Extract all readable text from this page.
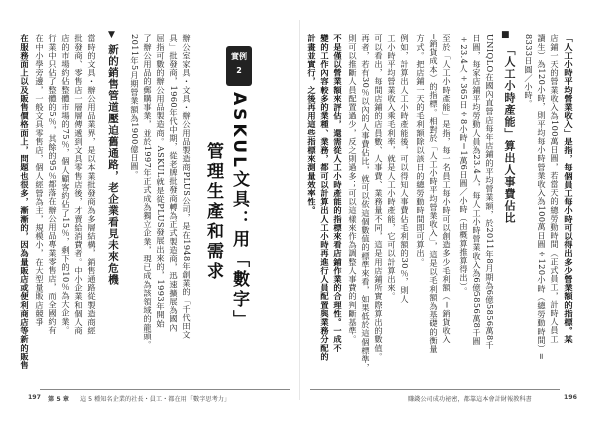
「人工小時平均營業收入」是指，每個員工每小時可以得出多少營業額的指標。某
店鋪一天的營業收入為100萬日圓，若當天的總勞動時間（正式員工，計時人員工
讀生）為120小時，則平均每小時營業收入為100萬日圓÷120小時（總勞動時間）=
8333日圓／小時。
■
「人工小時產能」算出人事費佔比
UNIQLO在國內直營店每年店鋪的平均營業額，於2011年8月期為6億5856萬8千
日圓，每家店鋪平均勞動人員為23.4人，每人工小時營業收入為6億5856萬8千圓
÷23.4人÷365日÷8小時＝1萬6日圓／小時（由概算推算得出）。
至於「人工小時產能」是指，每一名員工每小時可以創造多少毛利額（＝銷貨收入
─銷貨成本）的指標。相對於「人工小時平均營業收入」，這是以毛利額為基礎的衡量
方式。把店鋪一天的毛利額除以該日的總勞動時間即可算出。
例如，計算出人工小時產能後，可以得知人事費佔毛利額的30％，則人
工小時平均營業收入乘毛利率，就是人工小時產能，它可以計算出來。
可以看出，每間店鋪的店員數、人事費、業務量不同，這是用店鋪所實際算出的數值。
再者，若有30％以內的人事費佔比，就可以依這個數值的標準來看，如果低於這個標準，
則可以推斷人員配置過少，反之則過多；可以這樣來作為調整人事費的判斷基準。
不是僅以營業額來評估，還需從人工小時產能的指標來看店鋪作業的合理性。一成不
變的工作內容較多的業種、業務，都可以計算出人工小時再進行人員配置與業務分配的
計畫並實行，之後再用這些指標來測量效率性。
賺錢公司成功祕密，都靠這本會計財報教科書	196
實例
2
ASKUL文具：用「數字」
管理生產和需求
辦公室家具・文具・辦公用品製造商PLUS公司，是在1948年創業的「千代田文
具」批發商，1960年代中期，從老牌批發商轉為正式製造商，迅速擴展為國內
屈指可數的辦公用品製造商。ASKUL就是從PLUS發展出來的，1993年開始
了辦公用品的郵購事業，並於1997年正式成為獨立企業，現已成為該領域的龍頭。
2011年5月期營業額為1900億日圓。
▼
新的銷售管道壓迫舊通路，老企業看見未來危機
當時的文具・辦公用品業界，是以本業批發商為多層結構，銷售通路從製造商經
批發商、零售店一層層傳遞到文具零售店後，才賣給消費者。中小企業和個人商
店的市場約佔整體市場的75％，個人顧客約佔了15％，剩下的10％為大企業。
行業中只佔了整體的5％，其餘的95％都落在辦公用品專業零售店，而全國約有
在中小學旁邊，一般文具零售店，個人經營為主，規模小，在大型量販店競爭
在服務面上以及販售價格面上，問題也很多，漸漸的，因為量販店或便利商店等新的販售
197 第 5 章 這 5 種知名企業的社長・員工・都在用「數字思考力」
